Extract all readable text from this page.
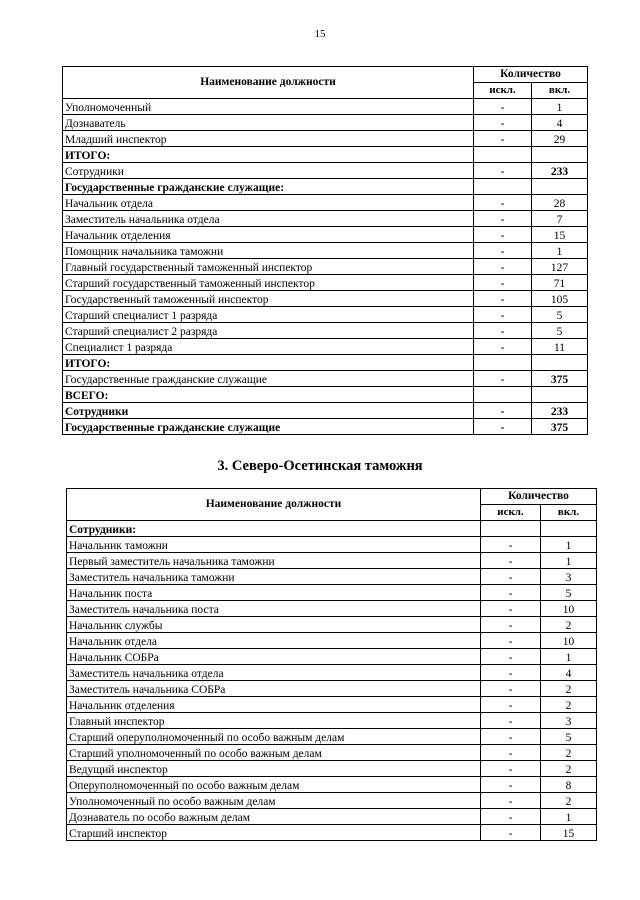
15
Наименование должности	Количество	
	искл.	вкл.
Уполномоченный	-	1
Дознаватель	-	4
Младший инспектор	-	29
ИТОГО:		
Сотрудники	-	233
Государственные гражданские служащие:		
Начальник отдела	-	28
Заместитель начальника отдела	-	7
Начальник отделения	-	15
Помощник начальника таможни	-	1
Главный государственный таможенный инспектор	-	127
Старший государственный таможенный инспектор	-	71
Государственный таможенный инспектор	-	105
Старший специалист 1 разряда	-	5
Старший специалист 2 разряда	-	5
Специалист 1 разряда	-	11
ИТОГО:		
Государственные гражданские служащие	-	375
ВСЕГО:		
Сотрудники	-	233
Государственные гражданские служащие	-	375
3. Северо-Осетинская таможня
Наименование должности	Количество	
	искл.	вкл.
Сотрудники:		
Начальник таможни	-	1
Первый заместитель начальника таможни	-	1
Заместитель начальника таможни	-	3
Начальник поста	-	5
Заместитель начальника поста	-	10
Начальник службы	-	2
Начальник отдела	-	10
Начальник СОБРа	-	1
Заместитель начальника отдела	-	4
Заместитель начальника СОБРа	-	2
Начальник отделения	-	2
Главный инспектор	-	3
Старший оперуполномоченный по особо важным делам	-	5
Старший уполномоченный по особо важным делам	-	2
Ведущий инспектор	-	2
Оперуполномоченный по особо важным делам	-	8
Уполномоченный по особо важным делам	-	2
Дознаватель по особо важным делам	-	1
Старший инспектор	-	15
